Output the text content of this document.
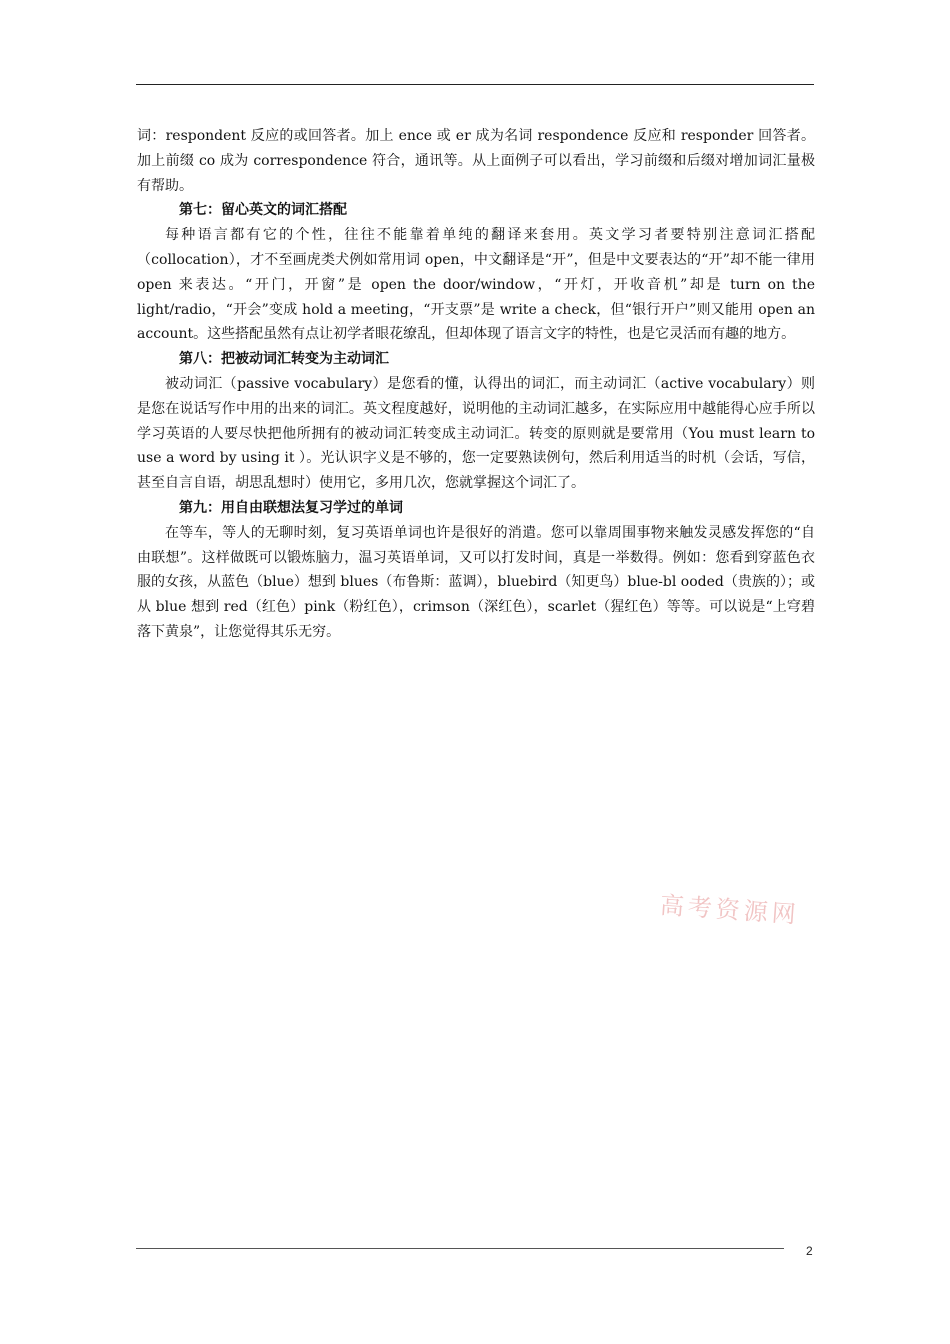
词：respondent 反应的或回答者。加上 ence 或 er 成为名词 respondence 反应和 responder 回答者。加上前缀 co 成为 correspondence 符合，通讯等。从上面例子可以看出，学习前缀和后缀对增加词汇量极有帮助。

第七：留心英文的词汇搭配

每种语言都有它的个性，往往不能靠着单纯的翻译来套用。英文学习者要特别注意词汇搭配（collocation），才不至画虎类犬例如常用词 open，中文翻译是“开”，但是中文要表达的“开”却不能一律用 open 来表达。“开门，开窗”是 open the door/window，“开灯，开收音机”却是 turn on the light/radio，“开会”变成 hold a meeting，“开支票”是 write a check，但“银行开户”则又能用 open an account。这些搭配虽然有点让初学者眼花缭乱，但却体现了语言文字的特性，也是它灵活而有趣的地方。

第八：把被动词汇转变为主动词汇

被动词汇（passive vocabulary）是您看的懂，认得出的词汇，而主动词汇（active vocabulary）则是您在说话写作中用的出来的词汇。英文程度越好，说明他的主动词汇越多，在实际应用中越能得心应手所以学习英语的人要尽快把他所拥有的被动词汇转变成主动词汇。转变的原则就是要常用（You must learn to use a word by using it ）。光认识字义是不够的，您一定要熟读例句，然后利用适当的时机（会话，写信，甚至自言自语，胡思乱想时）使用它，多用几次，您就掌握这个词汇了。

第九：用自由联想法复习学过的单词

在等车，等人的无聊时刻，复习英语单词也许是很好的消遣。您可以靠周围事物来触发灵感发挥您的“自由联想”。这样做既可以锻炼脑力，温习英语单词，又可以打发时间，真是一举数得。例如：您看到穿蓝色衣服的女孩，从蓝色（blue）想到 blues（布鲁斯：蓝调），bluebird（知更鸟）blue-bl ooded（贵族的）；或从 blue 想到 red（红色）pink（粉红色），crimson（深红色），scarlet（猩红色）等等。可以说是“上穹碧落下黄泉”，让您觉得其乐无穷。

高考资源网
2
